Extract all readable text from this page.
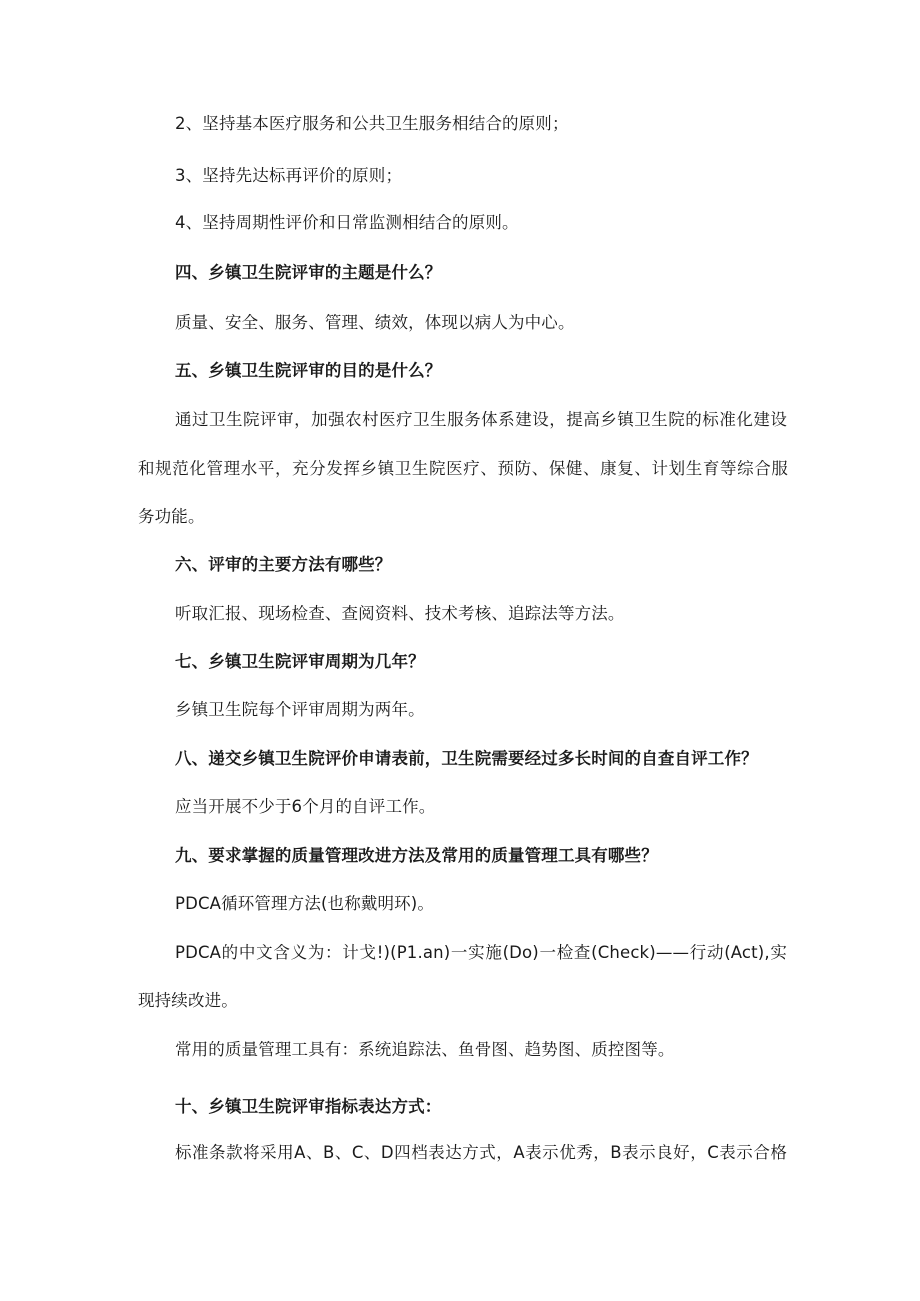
2、坚持基本医疗服务和公共卫生服务相结合的原则；
3、坚持先达标再评价的原则；
4、坚持周期性评价和日常监测相结合的原则。
四、乡镇卫生院评审的主题是什么？
质量、安全、服务、管理、绩效，体现以病人为中心。
五、乡镇卫生院评审的目的是什么？
通过卫生院评审，加强农村医疗卫生服务体系建设，提高乡镇卫生院的标准化建设
和规范化管理水平，充分发挥乡镇卫生院医疗、预防、保健、康复、计划生育等综合服
务功能。
六、评审的主要方法有哪些？
听取汇报、现场检查、查阅资料、技术考核、追踪法等方法。
七、乡镇卫生院评审周期为几年？
乡镇卫生院每个评审周期为两年。
八、递交乡镇卫生院评价申请表前，卫生院需要经过多长时间的自查自评工作？
应当开展不少于6个月的自评工作。
九、要求掌握的质量管理改进方法及常用的质量管理工具有哪些？
PDCA循环管理方法(也称戴明环)。
PDCA的中文含义为：计戈!)(P1.an)一实施(Do)一检查(Check)——行动(Act),实
现持续改进。
常用的质量管理工具有：系统追踪法、鱼骨图、趋势图、质控图等。
十、乡镇卫生院评审指标表达方式：
标准条款将采用A、B、C、D四档表达方式，A表示优秀，B表示良好，C表示合格
